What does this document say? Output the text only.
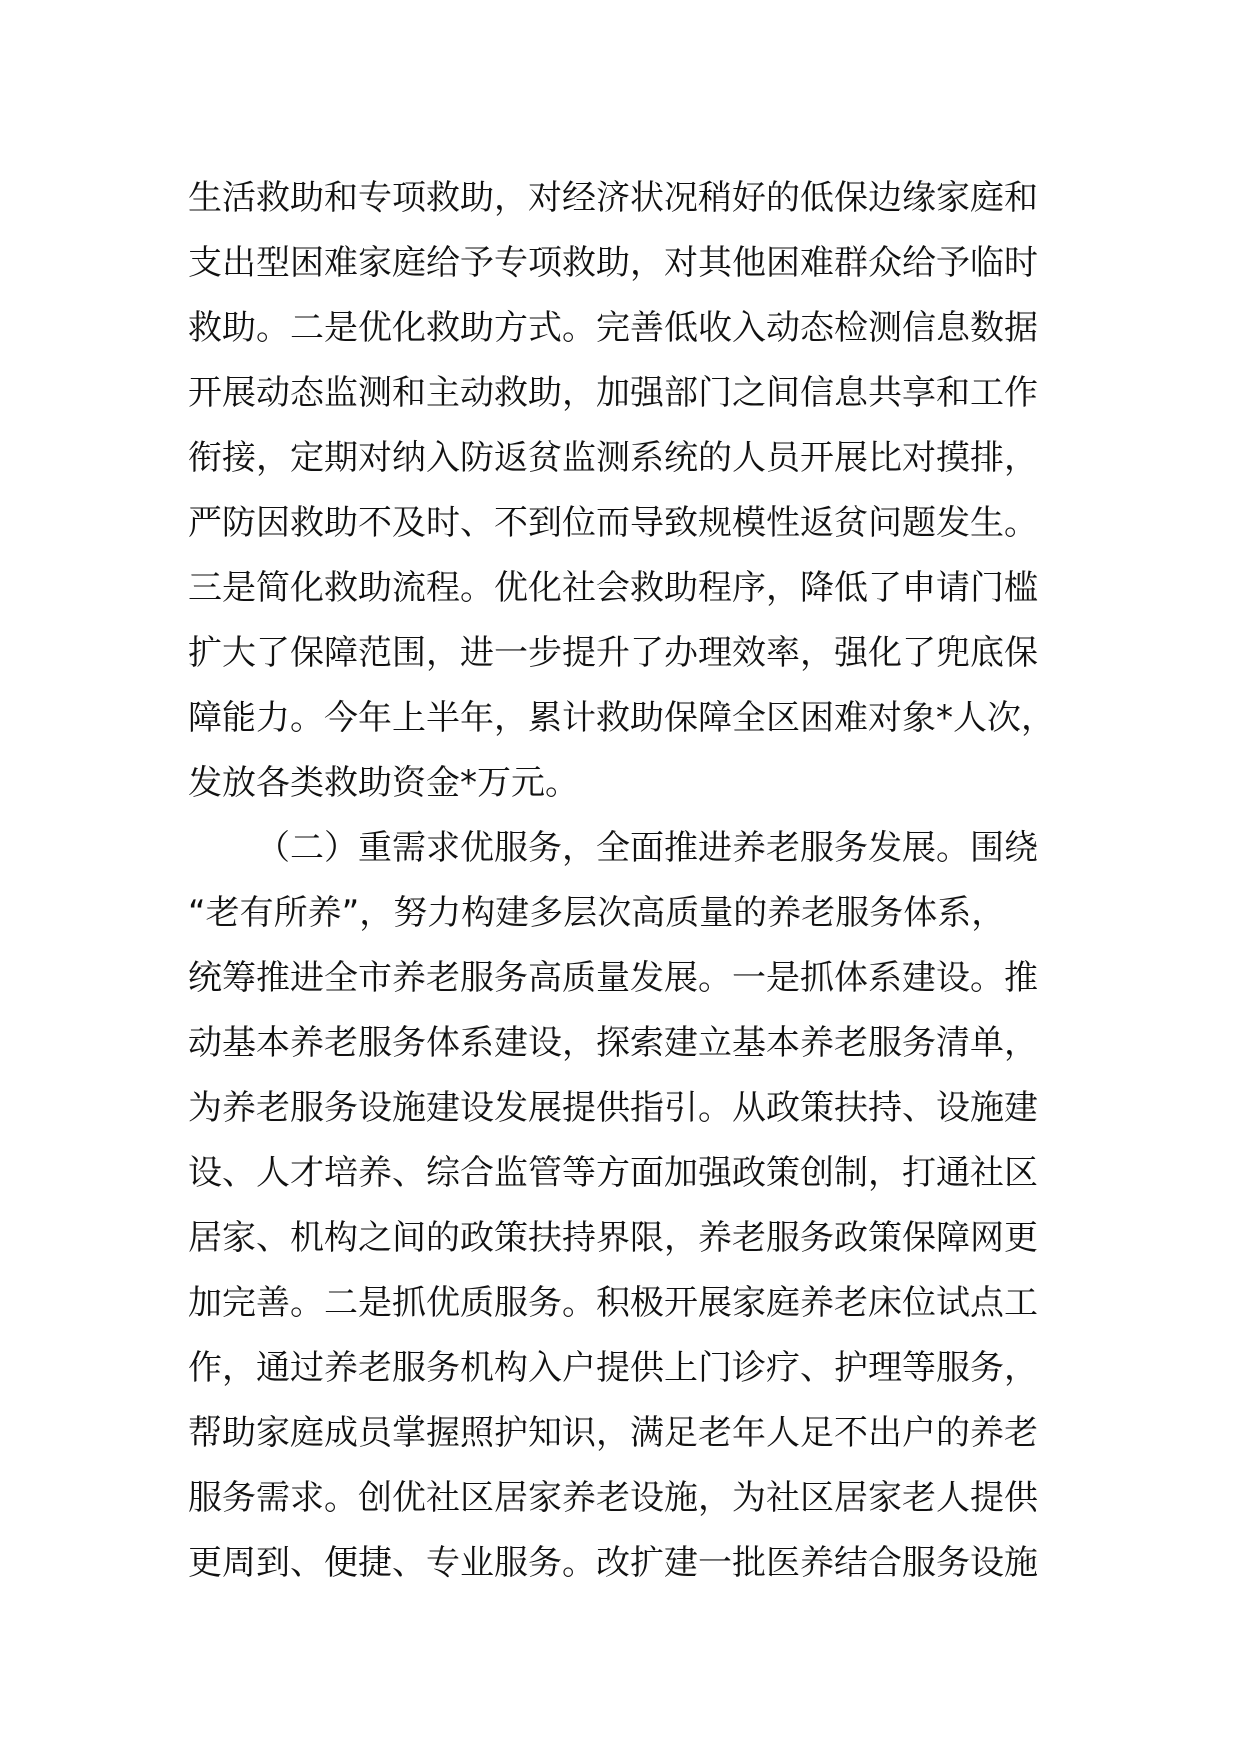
生活救助和专项救助，对经济状况稍好的低保边缘家庭和
支出型困难家庭给予专项救助，对其他困难群众给予临时
救助。二是优化救助方式。完善低收入动态检测信息数据
开展动态监测和主动救助，加强部门之间信息共享和工作
衔接，定期对纳入防返贫监测系统的人员开展比对摸排，
严防因救助不及时、不到位而导致规模性返贫问题发生。
三是简化救助流程。优化社会救助程序，降低了申请门槛
扩大了保障范围，进一步提升了办理效率，强化了兜底保
障能力。今年上半年，累计救助保障全区困难对象*人次，
发放各类救助资金*万元。
（二）重需求优服务，全面推进养老服务发展。围绕
“老有所养”，努力构建多层次高质量的养老服务体系，
统筹推进全市养老服务高质量发展。一是抓体系建设。推
动基本养老服务体系建设，探索建立基本养老服务清单，
为养老服务设施建设发展提供指引。从政策扶持、设施建
设、人才培养、综合监管等方面加强政策创制，打通社区
居家、机构之间的政策扶持界限，养老服务政策保障网更
加完善。二是抓优质服务。积极开展家庭养老床位试点工
作，通过养老服务机构入户提供上门诊疗、护理等服务，
帮助家庭成员掌握照护知识，满足老年人足不出户的养老
服务需求。创优社区居家养老设施，为社区居家老人提供
更周到、便捷、专业服务。改扩建一批医养结合服务设施
